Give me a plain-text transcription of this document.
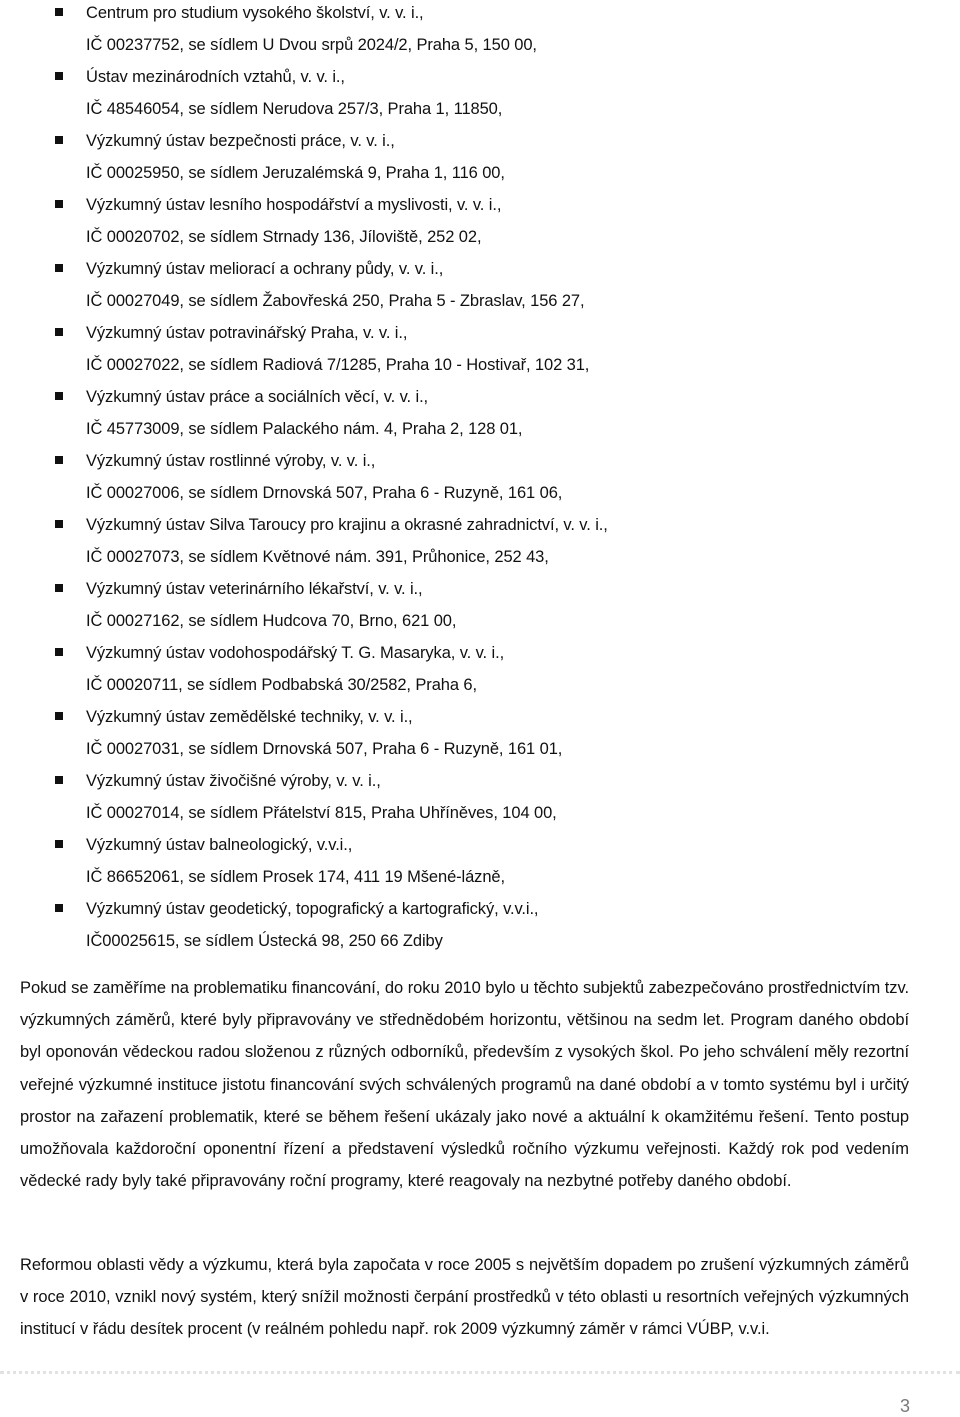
Centrum pro studium vysokého školství, v. v. i.,
IČ 00237752, se sídlem U Dvou srpů 2024/2, Praha 5, 150 00,
Ústav mezinárodních vztahů, v. v. i.,
IČ 48546054, se sídlem Nerudova 257/3, Praha 1, 11850,
Výzkumný ústav bezpečnosti práce, v. v. i.,
IČ 00025950, se sídlem Jeruzalémská 9, Praha 1, 116 00,
Výzkumný ústav lesního hospodářství a myslivosti, v. v. i.,
IČ 00020702, se sídlem Strnady 136, Jíloviště, 252 02,
Výzkumný ústav meliorací a ochrany půdy, v. v. i.,
IČ 00027049, se sídlem Žabovřeská 250, Praha 5 - Zbraslav, 156 27,
Výzkumný ústav potravinářský Praha, v. v. i.,
IČ 00027022, se sídlem Radiová 7/1285, Praha 10 - Hostivař, 102 31,
Výzkumný ústav práce a sociálních věcí, v. v. i.,
IČ 45773009, se sídlem Palackého nám. 4, Praha 2, 128 01,
Výzkumný ústav rostlinné výroby, v. v. i.,
IČ 00027006, se sídlem Drnovská 507, Praha 6 - Ruzyně, 161 06,
Výzkumný ústav Silva Taroucy pro krajinu a okrasné zahradnictví, v. v. i.,
IČ 00027073, se sídlem Květnové nám. 391, Průhonice, 252 43,
Výzkumný ústav veterinárního lékařství, v. v. i.,
IČ 00027162, se sídlem Hudcova 70, Brno, 621 00,
Výzkumný ústav vodohospodářský T. G. Masaryka, v. v. i.,
IČ 00020711, se sídlem Podbabská 30/2582, Praha 6,
Výzkumný ústav zemědělské techniky, v. v. i.,
IČ 00027031, se sídlem Drnovská 507, Praha 6 - Ruzyně, 161 01,
Výzkumný ústav živočišné výroby, v. v. i.,
IČ 00027014, se sídlem Přátelství 815, Praha Uhříněves, 104 00,
Výzkumný ústav balneologický, v.v.i.,
IČ 86652061, se sídlem Prosek 174, 411 19 Mšené-lázně,
Výzkumný ústav geodetický, topografický a kartografický, v.v.i.,
IČ00025615, se sídlem Ústecká 98, 250 66 Zdiby

Pokud se zaměříme na problematiku financování, do roku 2010 bylo u těchto subjektů zabezpečováno prostřednictvím tzv. výzkumných záměrů, které byly připravovány ve střednědobém horizontu, většinou na sedm let. Program daného období byl oponován vědeckou radou složenou z různých odborníků, především z vysokých škol. Po jeho schválení měly rezortní veřejné výzkumné instituce jistotu financování svých schválených programů na dané období a v tomto systému byl i určitý prostor na zařazení problematik, které se během řešení ukázaly jako nové a aktuální k okamžitému řešení. Tento postup umožňovala každoroční oponentní řízení a představení výsledků ročního výzkumu veřejnosti. Každý rok pod vedením vědecké rady byly také připravovány roční programy, které reagovaly na nezbytné potřeby daného období.

Reformou oblasti vědy a výzkumu, která byla započata v roce 2005 s největším dopadem po zrušení výzkumných záměrů v roce 2010, vznikl nový systém, který snížil možnosti čerpání prostředků v této oblasti u resortních veřejných výzkumných institucí v řádu desítek procent (v reálném pohledu např. rok 2009 výzkumný záměr v rámci VÚBP, v.v.i.

3
